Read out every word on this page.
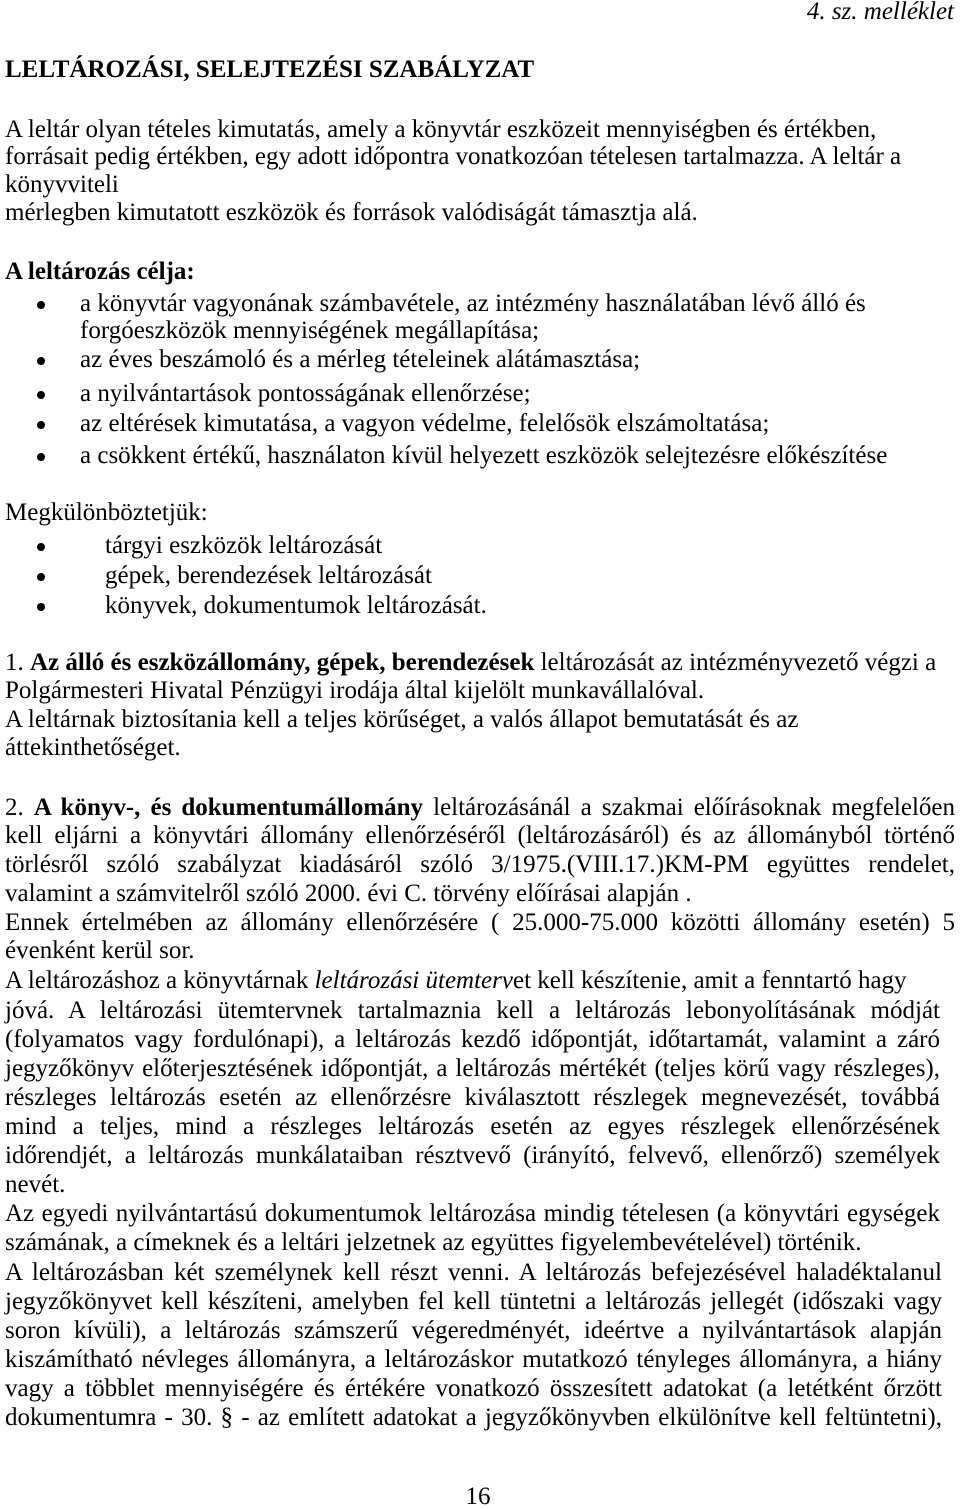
4. sz. melléklet
LELTÁROZÁSI, SELEJTEZÉSI SZABÁLYZAT
A leltár olyan tételes kimutatás, amely a könyvtár eszközeit mennyiségben és értékben,
forrásait pedig értékben, egy adott időpontra vonatkozóan tételesen tartalmazza. A leltár a
könyvviteli
mérlegben kimutatott eszközök és források valódiságát támasztja alá.
A leltározás célja:
a könyvtár vagyonának számbavétele, az intézmény használatában lévő álló és
forgóeszközök mennyiségének megállapítása;
az éves beszámoló és a mérleg tételeinek alátámasztása;
a nyilvántartások pontosságának ellenőrzése;
az eltérések kimutatása, a vagyon védelme, felelősök elszámoltatása;
a csökkent értékű, használaton kívül helyezett eszközök selejtezésre előkészítése
Megkülönböztetjük:
tárgyi eszközök leltározását
gépek, berendezések leltározását
könyvek, dokumentumok leltározását.
1. Az álló és eszközállomány, gépek, berendezések leltározását az intézményvezető végzi a
Polgármesteri Hivatal Pénzügyi irodája által kijelölt munkavállalóval.
A leltárnak biztosítania kell a teljes körűséget, a valós állapot bemutatását és az
áttekinthetőséget.
2. A könyv-, és dokumentumállomány leltározásánál a szakmai előírásoknak megfelelően
kell eljárni a könyvtári állomány ellenőrzéséről (leltározásáról) és az állományból történő
törlésről szóló szabályzat kiadásáról szóló 3/1975.(VIII.17.)KM-PM együttes rendelet,
valamint a számvitelről szóló 2000. évi C. törvény előírásai alapján .
Ennek értelmében az állomány ellenőrzésére ( 25.000-75.000 közötti állomány esetén) 5
évenként kerül sor.
A leltározáshoz a könyvtárnak leltározási ütemtervet kell készítenie, amit a fenntartó hagy
jóvá. A leltározási ütemtervnek tartalmaznia kell a leltározás lebonyolításának módját
(folyamatos vagy fordulónapi), a leltározás kezdő időpontját, időtartamát, valamint a záró
jegyzőkönyv előterjesztésének időpontját, a leltározás mértékét (teljes körű vagy részleges),
részleges leltározás esetén az ellenőrzésre kiválasztott részlegek megnevezését, továbbá
mind a teljes, mind a részleges leltározás esetén az egyes részlegek ellenőrzésének
időrendjét, a leltározás munkálataiban résztvevő (irányító, felvevő, ellenőrző) személyek
nevét.
Az egyedi nyilvántartású dokumentumok leltározása mindig tételesen (a könyvtári egységek
számának, a címeknek és a leltári jelzetnek az együttes figyelembevételével) történik.
A leltározásban két személynek kell részt venni. A leltározás befejezésével haladéktalanul
jegyzőkönyvet kell készíteni, amelyben fel kell tüntetni a leltározás jellegét (időszaki vagy
soron kívüli), a leltározás számszerű végeredményét, ideértve a nyilvántartások alapján
kiszámítható névleges állományra, a leltározáskor mutatkozó tényleges állományra, a hiány
vagy a többlet mennyiségére és értékére vonatkozó összesített adatokat (a letétként őrzött
dokumentumra - 30. § - az említett adatokat a jegyzőkönyvben elkülönítve kell feltüntetni),
16
